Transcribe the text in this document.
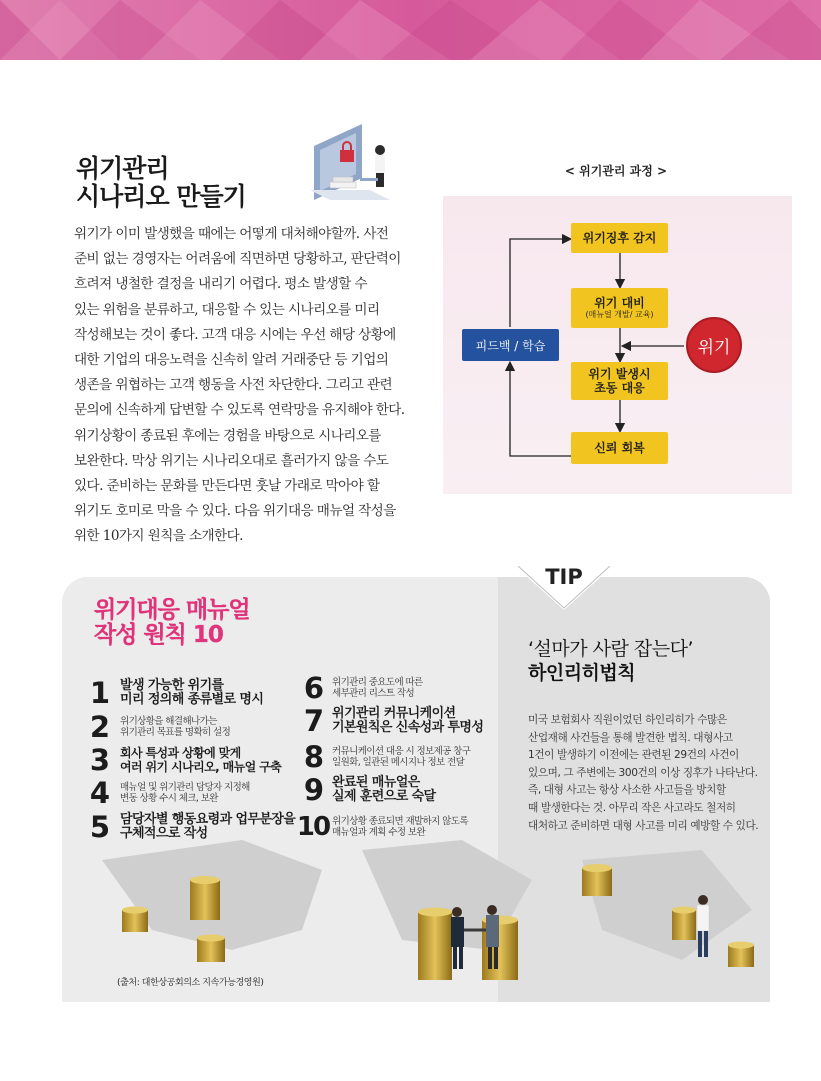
위기관리
시나리오 만들기
위기가 이미 발생했을 때에는 어떻게 대처해야할까. 사전
준비 없는 경영자는 어려움에 직면하면 당황하고, 판단력이
흐려져 냉철한 결정을 내리기 어렵다. 평소 발생할 수
있는 위험을 분류하고, 대응할 수 있는 시나리오를 미리
작성해보는 것이 좋다. 고객 대응 시에는 우선 해당 상황에
대한 기업의 대응노력을 신속히 알려 거래중단 등 기업의
생존을 위협하는 고객 행동을 사전 차단한다. 그리고 관련
문의에 신속하게 답변할 수 있도록 연락망을 유지해야 한다.
위기상황이 종료된 후에는 경험을 바탕으로 시나리오를
보완한다. 막상 위기는 시나리오대로 흘러가지 않을 수도
있다. 준비하는 문화를 만든다면 훗날 가래로 막아야 할
위기도 호미로 막을 수 있다. 다음 위기대응 매뉴얼 작성을
위한 10가지 원칙을 소개한다.
< 위기관리 과정 >
위기징후 감지
위기 대비
(매뉴얼 개발/ 교육)
위기 발생시
초동 대응
신뢰 회복
피드백 / 학습	위기
위기대응 매뉴얼
작성 원칙 10
1 발생 가능한 위기를
미리 정의해 종류별로 명시
2	위기상황을 해결해나가는
위기관리 목표를 명확히 설정
3 회사 특성과 상황에 맞게
여러 위기 시나리오, 매뉴얼 구축
4	매뉴얼 및 위기관리 담당자 지정해
변동 상황 수시 체크, 보완
5 담당자별 행동요령과 업무분장을
구체적으로 작성
6	위기관리 중요도에 따른
세부관리 리스트 작성
7 위기관리 커뮤니케이션
기본원칙은 신속성과 투명성
8	커뮤니케이션 대응 시 정보제공 창구
일원화, 일관된 메시지나 정보 전달
9 완료된 매뉴얼은
실제 훈련으로 숙달
10 위기상황 종료되면 재발하지 않도록
매뉴얼과 계획 수정 보완
TIP
‘설마가 사람 잡는다’
하인리히법칙
미국 보험회사 직원이었던 하인리히가 수많은
산업재해 사건들을 통해 발견한 법칙. 대형사고
1건이 발생하기 이전에는 관련된 29건의 사건이
있으며, 그 주변에는 300건의 이상 징후가 나타난다.
즉, 대형 사고는 항상 사소한 사고들을 방치할
때 발생한다는 것. 아무리 작은 사고라도 철저히
대처하고 준비하면 대형 사고를 미리 예방할 수 있다.
(출처: 대한상공회의소 지속가능경영원)
